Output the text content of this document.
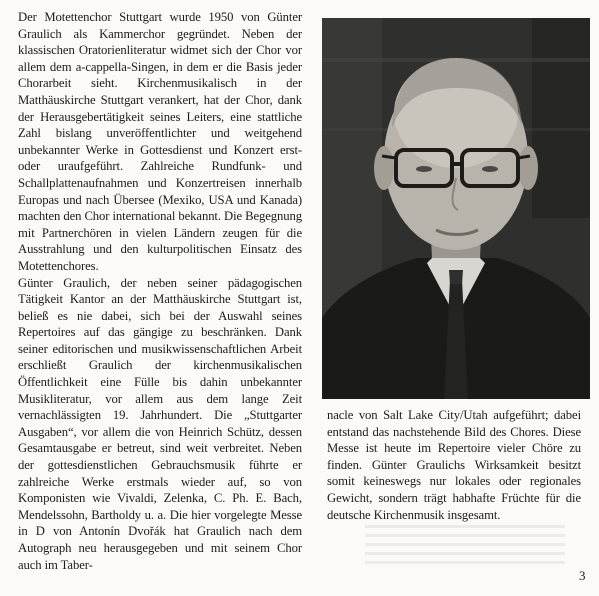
Der Motettenchor Stuttgart wurde 1950 von Günter Graulich als Kammerchor gegründet. Neben der klassischen Oratorienliteratur widmet sich der Chor vor allem dem a-cappella-Singen, in dem er die Basis jeder Chorarbeit sieht. Kirchenmusikalisch in der Matthäuskirche Stuttgart verankert, hat der Chor, dank der Herausgebertätigkeit seines Leiters, eine stattliche Zahl bislang unveröffentlichter und weitgehend unbekannter Werke in Gottesdienst und Konzert erst- oder uraufgeführt. Zahlreiche Rundfunk- und Schallplattenaufnahmen und Konzertreisen innerhalb Europas und nach Übersee (Mexiko, USA und Kanada) machten den Chor international bekannt. Die Begegnung mit Partnerchören in vielen Ländern zeugen für die Ausstrahlung und den kulturpolitischen Einsatz des Motettenchores.

Günter Graulich, der neben seiner pädagogischen Tätigkeit Kantor an der Matthäuskirche Stuttgart ist, beließ es nie dabei, sich bei der Auswahl seines Repertoires auf das gängige zu beschränken. Dank seiner editorischen und musikwissenschaftlichen Arbeit erschließt Graulich der kirchenmusikalischen Öffentlichkeit eine Fülle bis dahin unbekannter Musikliteratur, vor allem aus dem lange Zeit vernachlässigten 19. Jahrhundert. Die „Stuttgarter Ausgaben“, vor allem die von Heinrich Schütz, dessen Gesamtausgabe er betreut, sind weit verbreitet. Neben der gottesdienstlichen Gebrauchsmusik führte er zahlreiche Werke erstmals wieder auf, so von Komponisten wie Vivaldi, Zelenka, C. Ph. E. Bach, Mendelssohn, Bartholdy u. a. Die hier vorgelegte Messe in D von Antonín Dvořák hat Graulich nach dem Autograph neu herausgegeben und mit seinem Chor auch im Taber-

nacle von Salt Lake City/Utah aufgeführt; dabei entstand das nachstehende Bild des Chores. Diese Messe ist heute im Repertoire vieler Chöre zu finden. Günter Graulichs Wirksamkeit besitzt somit keineswegs nur lokales oder regionales Gewicht, sondern trägt habhafte Früchte für die deutsche Kirchenmusik insgesamt.

3
